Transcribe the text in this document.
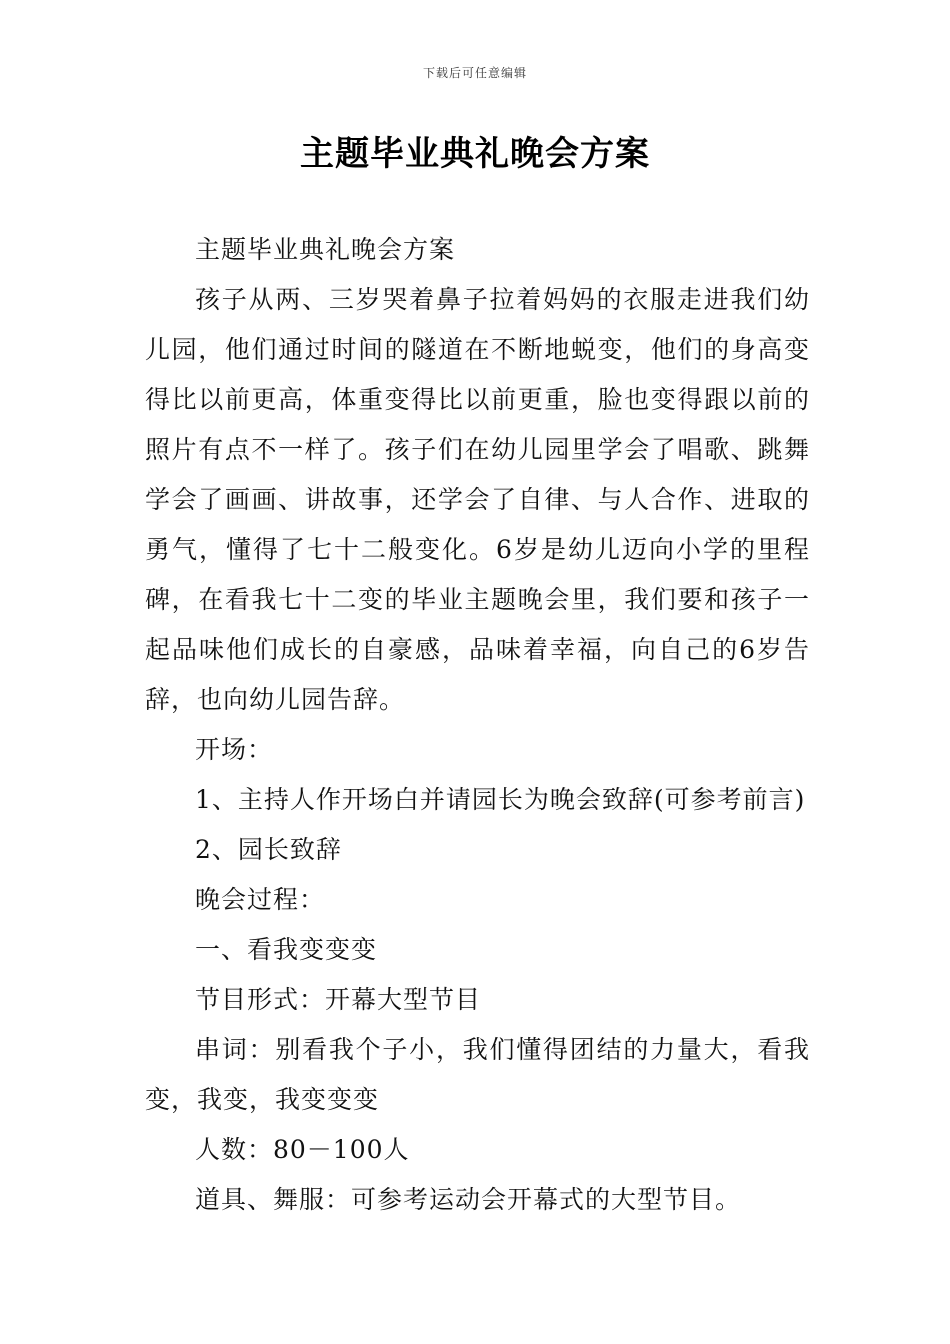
下载后可任意编辑
主题毕业典礼晚会方案

主题毕业典礼晚会方案

孩子从两、三岁哭着鼻子拉着妈妈的衣服走进我们幼儿园，他们通过时间的隧道在不断地蜕变，他们的身高变得比以前更高，体重变得比以前更重，脸也变得跟以前的照片有点不一样了。孩子们在幼儿园里学会了唱歌、跳舞学会了画画、讲故事，还学会了自律、与人合作、进取的勇气，懂得了七十二般变化。6岁是幼儿迈向小学的里程碑，在看我七十二变的毕业主题晚会里，我们要和孩子一起品味他们成长的自豪感，品味着幸福，向自己的6岁告辞，也向幼儿园告辞。

开场：

1、主持人作开场白并请园长为晚会致辞(可参考前言)

2、园长致辞

晚会过程：

一、看我变变变

节目形式：开幕大型节目

串词：别看我个子小，我们懂得团结的力量大，看我变，我变，我变变变

人数：80－100人

道具、舞服：可参考运动会开幕式的大型节目。
